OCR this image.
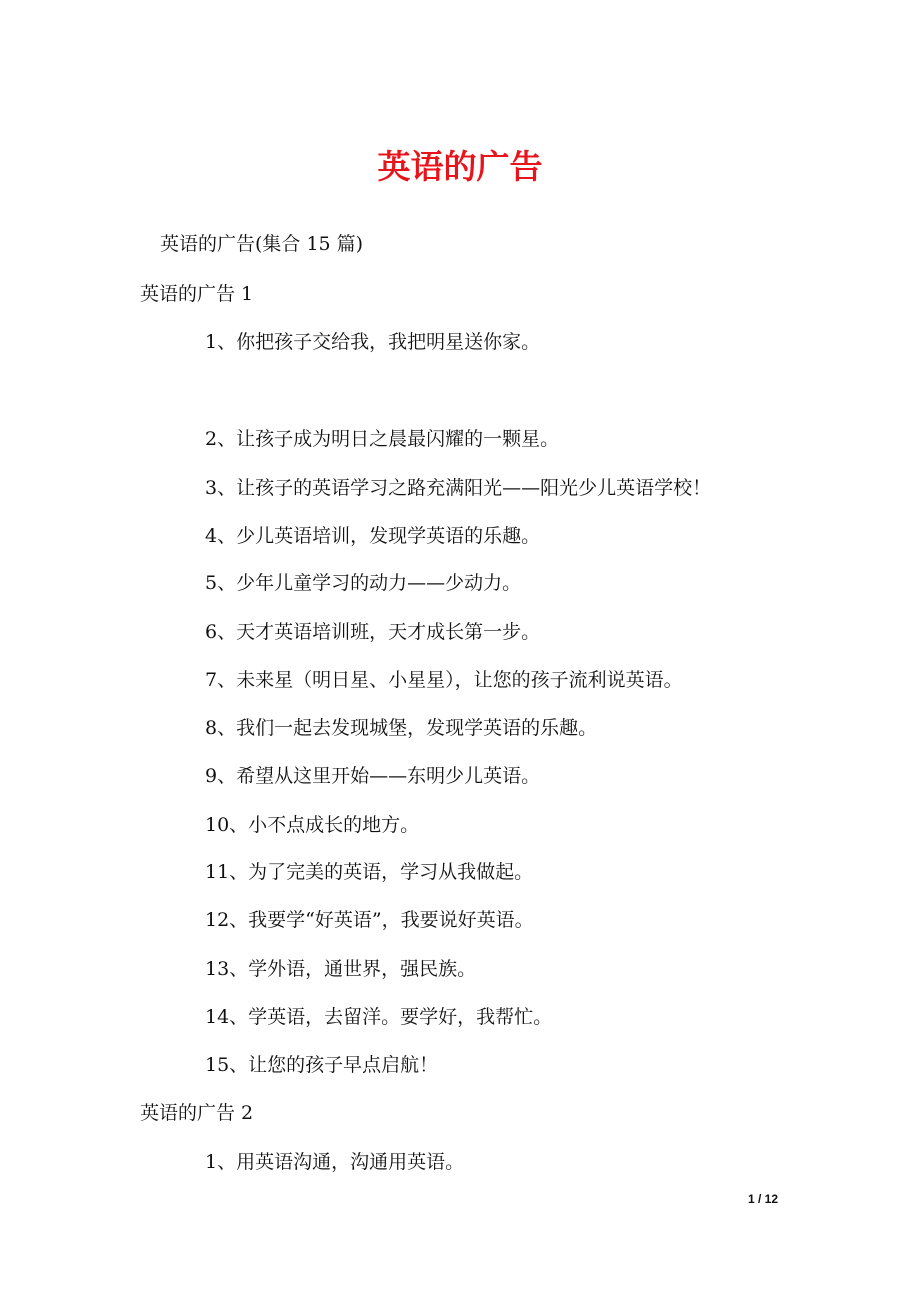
英语的广告
英语的广告(集合 15 篇)
英语的广告 1
1、你把孩子交给我，我把明星送你家。
2、让孩子成为明日之晨最闪耀的一颗星。
3、让孩子的英语学习之路充满阳光——阳光少儿英语学校！
4、少儿英语培训，发现学英语的乐趣。
5、少年儿童学习的动力——少动力。
6、天才英语培训班，天才成长第一步。
7、未来星（明日星、小星星），让您的孩子流利说英语。
8、我们一起去发现城堡，发现学英语的乐趣。
9、希望从这里开始——东明少儿英语。
10、小不点成长的地方。
11、为了完美的英语，学习从我做起。
12、我要学“好英语”，我要说好英语。
13、学外语，通世界，强民族。
14、学英语，去留洋。要学好，我帮忙。
15、让您的孩子早点启航！
英语的广告 2
1、用英语沟通，沟通用英语。
1 / 12
